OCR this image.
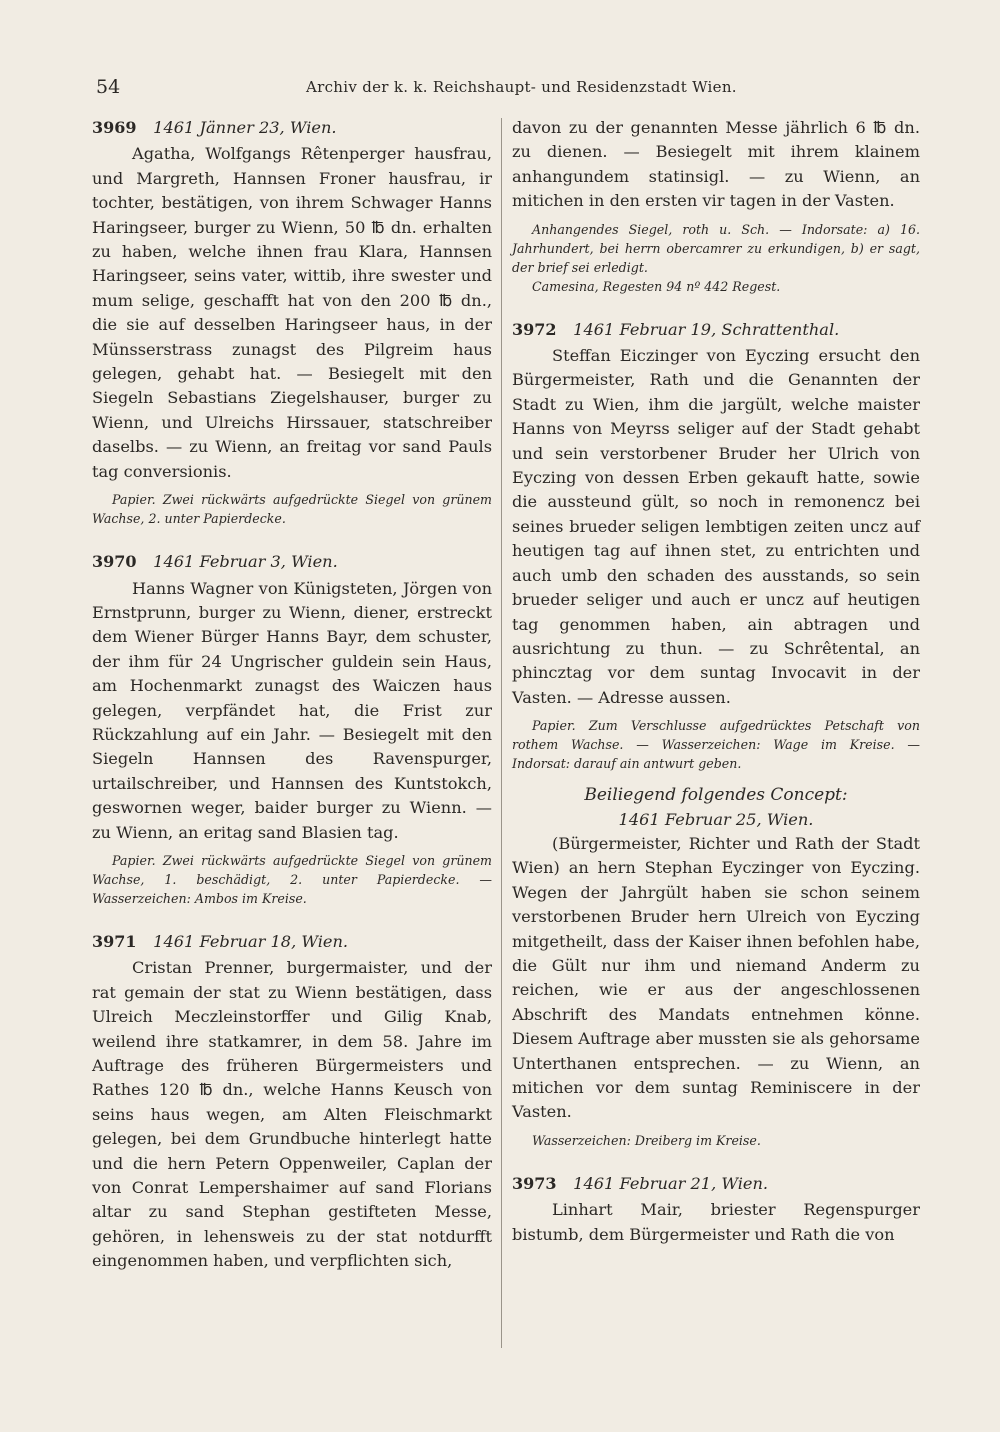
54	Archiv der k. k. Reichshaupt- und Residenzstadt Wien.

3969 1461 Jänner 23, Wien.

Agatha, Wolfgangs Rêtenperger hausfrau, und Margreth, Hannsen Froner hausfrau, ir tochter, bestätigen, von ihrem Schwager Hanns Haringseer, burger zu Wienn, 50 ℔ dn. erhalten zu haben, welche ihnen frau Klara, Hannsen Haringseer, seins vater, wittib, ihre swester und mum selige, geschafft hat von den 200 ℔ dn., die sie auf desselben Haringseer haus, in der Münsserstrass zunagst des Pilgreim haus gelegen, gehabt hat. — Besiegelt mit den Siegeln Sebastians Ziegelshauser, burger zu Wienn, und Ulreichs Hirssauer, statschreiber daselbs. — zu Wienn, an freitag vor sand Pauls tag conversionis.

Papier. Zwei rückwärts aufgedrückte Siegel von grünem Wachse, 2. unter Papierdecke.

3970 1461 Februar 3, Wien.

Hanns Wagner von Künigsteten, Jörgen von Ernstprunn, burger zu Wienn, diener, erstreckt dem Wiener Bürger Hanns Bayr, dem schuster, der ihm für 24 Ungrischer guldein sein Haus, am Hochenmarkt zunagst des Waiczen haus gelegen, verpfändet hat, die Frist zur Rückzahlung auf ein Jahr. — Besiegelt mit den Siegeln Hannsen des Ravenspurger, urtailschreiber, und Hannsen des Kuntstokch, geswornen weger, baider burger zu Wienn. — zu Wienn, an eritag sand Blasien tag.

Papier. Zwei rückwärts aufgedrückte Siegel von grünem Wachse, 1. beschädigt, 2. unter Papierdecke. — Wasserzeichen: Ambos im Kreise.

3971 1461 Februar 18, Wien.

Cristan Prenner, burgermaister, und der rat gemain der stat zu Wienn bestätigen, dass Ulreich Meczleinstorffer und Gilig Knab, weilend ihre statkamrer, in dem 58. Jahre im Auftrage des früheren Bürgermeisters und Rathes 120 ℔ dn., welche Hanns Keusch von seins haus wegen, am Alten Fleischmarkt gelegen, bei dem Grundbuche hinterlegt hatte und die hern Petern Oppenweiler, Caplan der von Conrat Lempershaimer auf sand Florians altar zu sand Stephan gestifteten Messe, gehören, in lehensweis zu der stat notdurfft eingenommen haben, und verpflichten sich,

davon zu der genannten Messe jährlich 6 ℔ dn. zu dienen. — Besiegelt mit ihrem klainem anhangundem statinsigl. — zu Wienn, an mitichen in den ersten vir tagen in der Vasten.

Anhangendes Siegel, roth u. Sch. — Indorsate: a) 16. Jahrhundert, bei herrn obercamrer zu erkundigen, b) er sagt, der brief sei erledigt.

Camesina, Regesten 94 nº 442 Regest.

3972 1461 Februar 19, Schrattenthal.

Steffan Eiczinger von Eyczing ersucht den Bürgermeister, Rath und die Genannten der Stadt zu Wien, ihm die jargült, welche maister Hanns von Meyrss seliger auf der Stadt gehabt und sein verstorbener Bruder her Ulrich von Eyczing von dessen Erben gekauft hatte, sowie die aussteund gült, so noch in remonencz bei seines brueder seligen lembtigen zeiten uncz auf heutigen tag auf ihnen stet, zu entrichten und auch umb den schaden des ausstands, so sein brueder seliger und auch er uncz auf heutigen tag genommen haben, ain abtragen und ausrichtung zu thun. — zu Schrêtental, an phincztag vor dem suntag Invocavit in der Vasten. — Adresse aussen.

Papier. Zum Verschlusse aufgedrücktes Petschaft von rothem Wachse. — Wasserzeichen: Wage im Kreise. — Indorsat: darauf ain antwurt geben.

Beiliegend folgendes Concept:

1461 Februar 25, Wien.

(Bürgermeister, Richter und Rath der Stadt Wien) an hern Stephan Eyczinger von Eyczing. Wegen der Jahrgült haben sie schon seinem verstorbenen Bruder hern Ulreich von Eyczing mitgetheilt, dass der Kaiser ihnen befohlen habe, die Gült nur ihm und niemand Anderm zu reichen, wie er aus der angeschlossenen Abschrift des Mandats entnehmen könne. Diesem Auftrage aber mussten sie als gehorsame Unterthanen entsprechen. — zu Wienn, an mitichen vor dem suntag Reminiscere in der Vasten.

Wasserzeichen: Dreiberg im Kreise.

3973 1461 Februar 21, Wien.

Linhart Mair, briester Regenspurger bistumb, dem Bürgermeister und Rath die von
